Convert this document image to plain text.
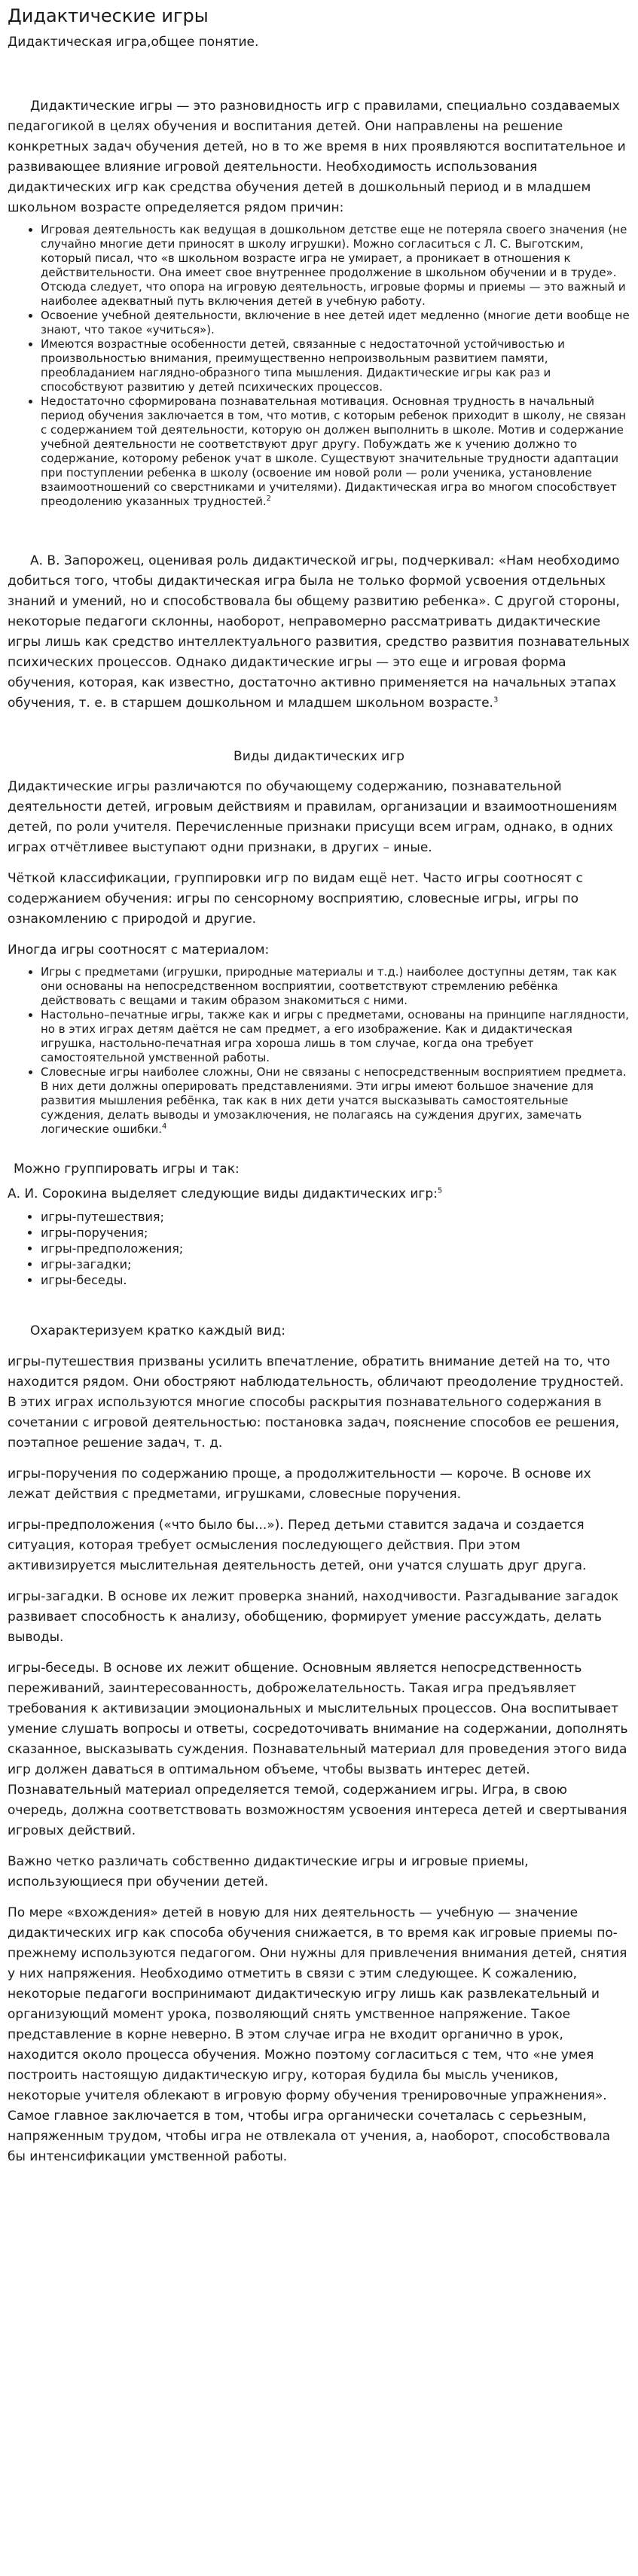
Дидактические игры
Дидактическая игра,общее понятие.

Дидактические игры — это разновидность игр с правилами, специально создаваемых педагогикой в целях обучения и воспитания детей. Они направлены на решение конкретных задач обучения детей, но в то же время в них проявляются воспитательное и развивающее влияние игровой деятельности. Необходимость использования дидактических игр как средства обучения детей в дошкольный период и в младшем школьном возрасте определяется рядом причин:

• Игровая деятельность как ведущая в дошкольном детстве еще не потеряла своего значения (не случайно многие дети приносят в школу игрушки). Можно согласиться с Л. С. Выготским, который писал, что «в школьном возрасте игра не умирает, а проникает в отношения к действительности. Она имеет свое внутреннее продолжение в школьном обучении и в труде». Отсюда следует, что опора на игровую деятельность, игровые формы и приемы — это важный и наиболее адекватный путь включения детей в учебную работу.
• Освоение учебной деятельности, включение в нее детей идет медленно (многие дети вообще не знают, что такое «учиться»).
• Имеются возрастные особенности детей, связанные с недостаточной устойчивостью и произвольностью внимания, преимущественно непроизвольным развитием памяти, преобладанием наглядно-образного типа мышления. Дидактические игры как раз и способствуют развитию у детей психических процессов.
• Недостаточно сформирована познавательная мотивация. Основная трудность в начальный период обучения заключается в том, что мотив, с которым ребенок приходит в школу, не связан с содержанием той деятельности, которую он должен выполнить в школе. Мотив и содержание учебной деятельности не соответствуют друг другу. Побуждать же к учению должно то содержание, которому ребенок учат в школе. Существуют значительные трудности адаптации при поступлении ребенка в школу (освоение им новой роли — роли ученика, установление взаимоотношений со сверстниками и учителями). Дидактическая игра во многом способствует преодолению указанных трудностей.$^2$

А. В. Запорожец, оценивая роль дидактической игры, подчеркивал: «Нам необходимо добиться того, чтобы дидактическая игра была не только формой усвоения отдельных знаний и умений, но и способствовала бы общему развитию ребенка». С другой стороны, некоторые педагоги склонны, наоборот, неправомерно рассматривать дидактические игры лишь как средство интеллектуального развития, средство развития познавательных психических процессов. Однако дидактические игры — это еще и игровая форма обучения, которая, как известно, достаточно активно применяется на начальных этапах обучения, т. е. в старшем дошкольном и младшем школьном возрасте.$^3$

Виды дидактических игр

Дидактические игры различаются по обучающему содержанию, познавательной деятельности детей, игровым действиям и правилам, организации и взаимоотношениям детей, по роли учителя. Перечисленные признаки присущи всем играм, однако, в одних играх отчётливее выступают одни признаки, в других – иные.

Чёткой классификации, группировки игр по видам ещё нет. Часто игры соотносят с содержанием обучения: игры по сенсорному восприятию, словесные игры, игры по ознакомлению с природой и другие.

Иногда игры соотносят с материалом:

• Игры с предметами (игрушки, природные материалы и т.д.) наиболее доступны детям, так как они основаны на непосредственном восприятии, соответствуют стремлению ребёнка действовать с вещами и таким образом знакомиться с ними.
• Настольно–печатные игры, также как и игры с предметами, основаны на принципе наглядности, но в этих играх детям даётся не сам предмет, а его изображение. Как и дидактическая игрушка, настольно-печатная игра хороша лишь в том случае, когда она требует самостоятельной умственной работы.
• Словесные игры наиболее сложны, Они не связаны с непосредственным восприятием предмета. В них дети должны оперировать представлениями. Эти игры имеют большое значение для развития мышления ребёнка, так как в них дети учатся высказывать самостоятельные суждения, делать выводы и умозаключения, не полагаясь на суждения других, замечать логические ошибки.$^4$

Можно группировать игры и так:

А. И. Сорокина выделяет следующие виды дидактических игр:$^5$

• игры-путешествия;
• игры-поручения;
• игры-предположения;
• игры-загадки;
• игры-беседы.

Охарактеризуем кратко каждый вид:

игры-путешествия призваны усилить впечатление, обратить внимание детей на то, что находится рядом. Они обостряют наблюдательность, обличают преодоление трудностей. В этих играх используются многие способы раскрытия познавательного содержания в сочетании с игровой деятельностью: постановка задач, пояснение способов ее решения, поэтапное решение задач, т. д.

игры-поручения по содержанию проще, а продолжительности — короче. В основе их лежат действия с предметами, игрушками, словесные поручения.

игры-предположения («что было бы...»). Перед детьми ставится задача и создается ситуация, которая требует осмысления последующего действия. При этом активизируется мыслительная деятельность детей, они учатся слушать друг друга.

игры-загадки. В основе их лежит проверка знаний, находчивости. Разгадывание загадок развивает способность к анализу, обобщению, формирует умение рассуждать, делать выводы.

игры-беседы. В основе их лежит общение. Основным является непосредственность переживаний, заинтересованность, доброжелательность. Такая игра предъявляет требования к активизации эмоциональных и мыслительных процессов. Она воспитывает умение слушать вопросы и ответы, сосредоточивать внимание на содержании, дополнять сказанное, высказывать суждения. Познавательный материал для проведения этого вида игр должен даваться в оптимальном объеме, чтобы вызвать интерес детей. Познавательный материал определяется темой, содержанием игры. Игра, в свою очередь, должна соответствовать возможностям усвоения интереса детей и свертывания игровых действий.

Важно четко различать собственно дидактические игры и игровые приемы, использующиеся при обучении детей.

По мере «вхождения» детей в новую для них деятельность — учебную — значение дидактических игр как способа обучения снижается, в то время как игровые приемы по-прежнему используются педагогом. Они нужны для привлечения внимания детей, снятия у них напряжения. Необходимо отметить в связи с этим следующее. К сожалению, некоторые педагоги воспринимают дидактическую игру лишь как развлекательный и организующий момент урока, позволяющий снять умственное напряжение. Такое представление в корне неверно. В этом случае игра не входит органично в урок, находится около процесса обучения. Можно поэтому согласиться с тем, что «не умея построить настоящую дидактическую игру, которая будила бы мысль учеников, некоторые учителя облекают в игровую форму обучения тренировочные упражнения». Самое главное заключается в том, чтобы игра органически сочеталась с серьезным, напряженным трудом, чтобы игра не отвлекала от учения, а, наоборот, способствовала бы интенсификации умственной работы.
